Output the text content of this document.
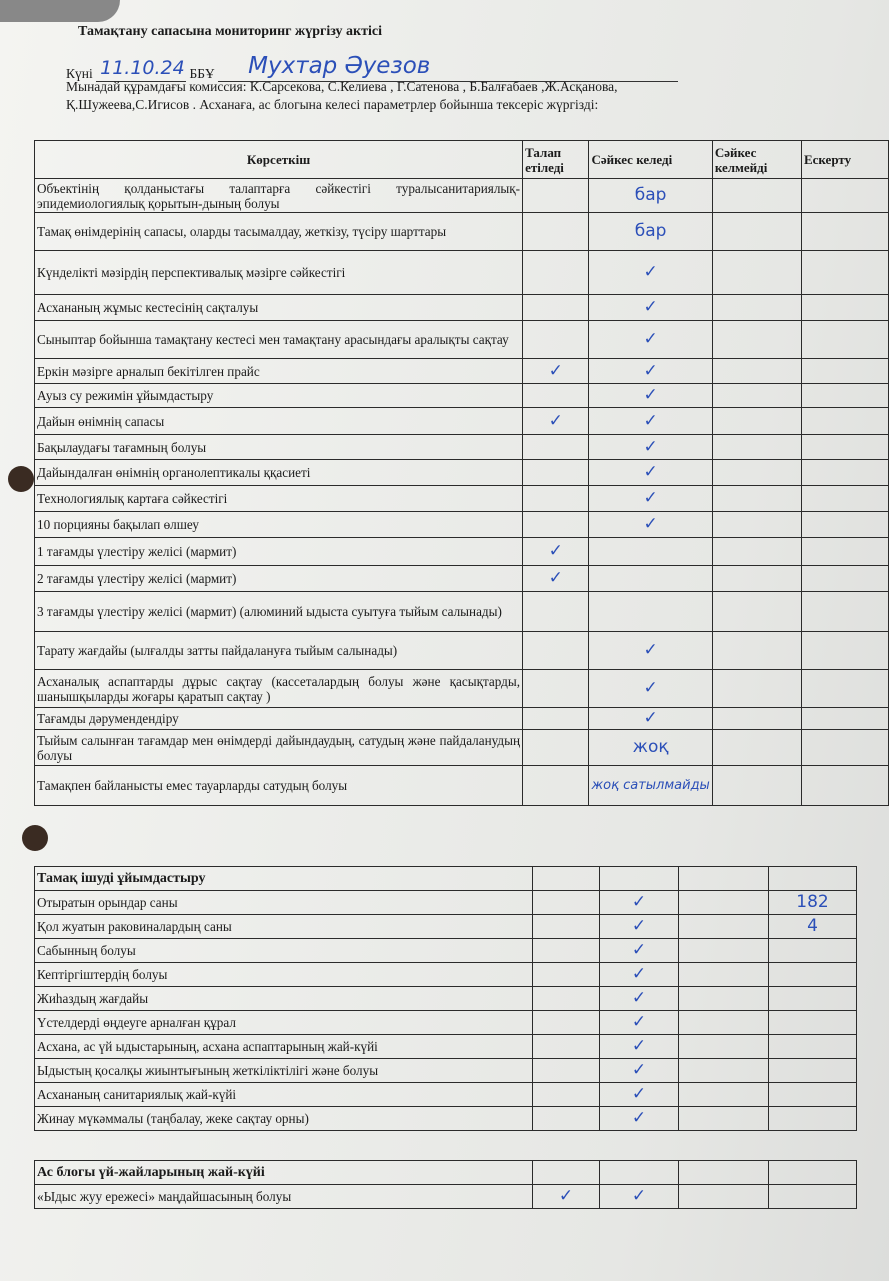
Тамақтану сапасына мониторинг жүргізу актісі
Күні 11.10.24 ББҰ Мухтар Әуезов
Мынадай құрамдағы комиссия: К.Сарсекова, С.Келиева , Г.Сатенова , Б.Балғабаев ,Ж.Асқанова,
Қ.Шужеева,С.Игисов . Асханаға, ас блогына келесі параметрлер бойынша тексеріс жүргізді:
Көрсеткіш	Талап етіледі	Сәйкес келеді	Сәйкес келмейді	Ескерту
Объектінің қолданыстағы талаптарға сәйкестігі туралысанитариялық-эпидемиологиялық қорытын-дының болуы		бар		
Тамақ өнімдерінің сапасы, оларды тасымалдау, жеткізу, түсіру шарттары		бар		
Күнделікті мәзірдің перспективалық мәзірге сәйкестігі		✓		
Асхананың жұмыс кестесінің сақталуы		✓		
Сыныптар бойынша тамақтану кестесі мен тамақтану арасындағы аралықты сақтау		✓		
Еркін мәзірге арналып бекітілген прайс	✓	✓		
Ауыз су режимін ұйымдастыру		✓		
Дайын өнімнің сапасы	✓	✓		
Бақылаудағы тағамның болуы		✓		
Дайындалған өнімнің органолептикалы ққасиеті		✓		
Технологиялық картаға сәйкестігі		✓		
10 порцияны бақылап өлшеу		✓		
1 тағамды үлестіру желісі (мармит)	✓			
2 тағамды үлестіру желісі (мармит)	✓			
3 тағамды үлестіру желісі (мармит) (алюминий ыдыста суытуға тыйым салынады)				
Тарату жағдайы (ылғалды затты пайдалануға тыйым салынады)		✓		
Асханалық аспаптарды дұрыс сақтау (кассеталардың болуы және қасықтарды, шанышқыларды жоғары қаратып сақтау )		✓		
Тағамды дәрумендендіру		✓		
Тыйым салынған тағамдар мен өнімдерді дайындаудың, сатудың және пайдаланудың болуы		жоқ		
Тамақпен байланысты емес тауарларды сатудың болуы		жоқ сатылмайды		
Тамақ ішуді ұйымдастыру				
Отыратын орындар саны		✓		182
Қол жуатын раковиналардың саны		✓		4
Сабынның болуы		✓		
Кептіргіштердің болуы		✓		
Жиһаздың жағдайы		✓		
Үстелдерді өңдеуге арналған құрал		✓		
Асхана, ас үй ыдыстарының, асхана аспаптарының жай-күйі		✓		
Ыдыстың қосалқы жиынтығының жеткіліктілігі және болуы		✓		
Асхананың санитариялық жай-күйі		✓		
Жинау мүкәммалы (таңбалау, жеке сақтау орны)		✓		
Ас блогы үй-жайларының жай-күйі				
«Ыдыс жуу ережесі» маңдайшасының болуы	✓	✓		
